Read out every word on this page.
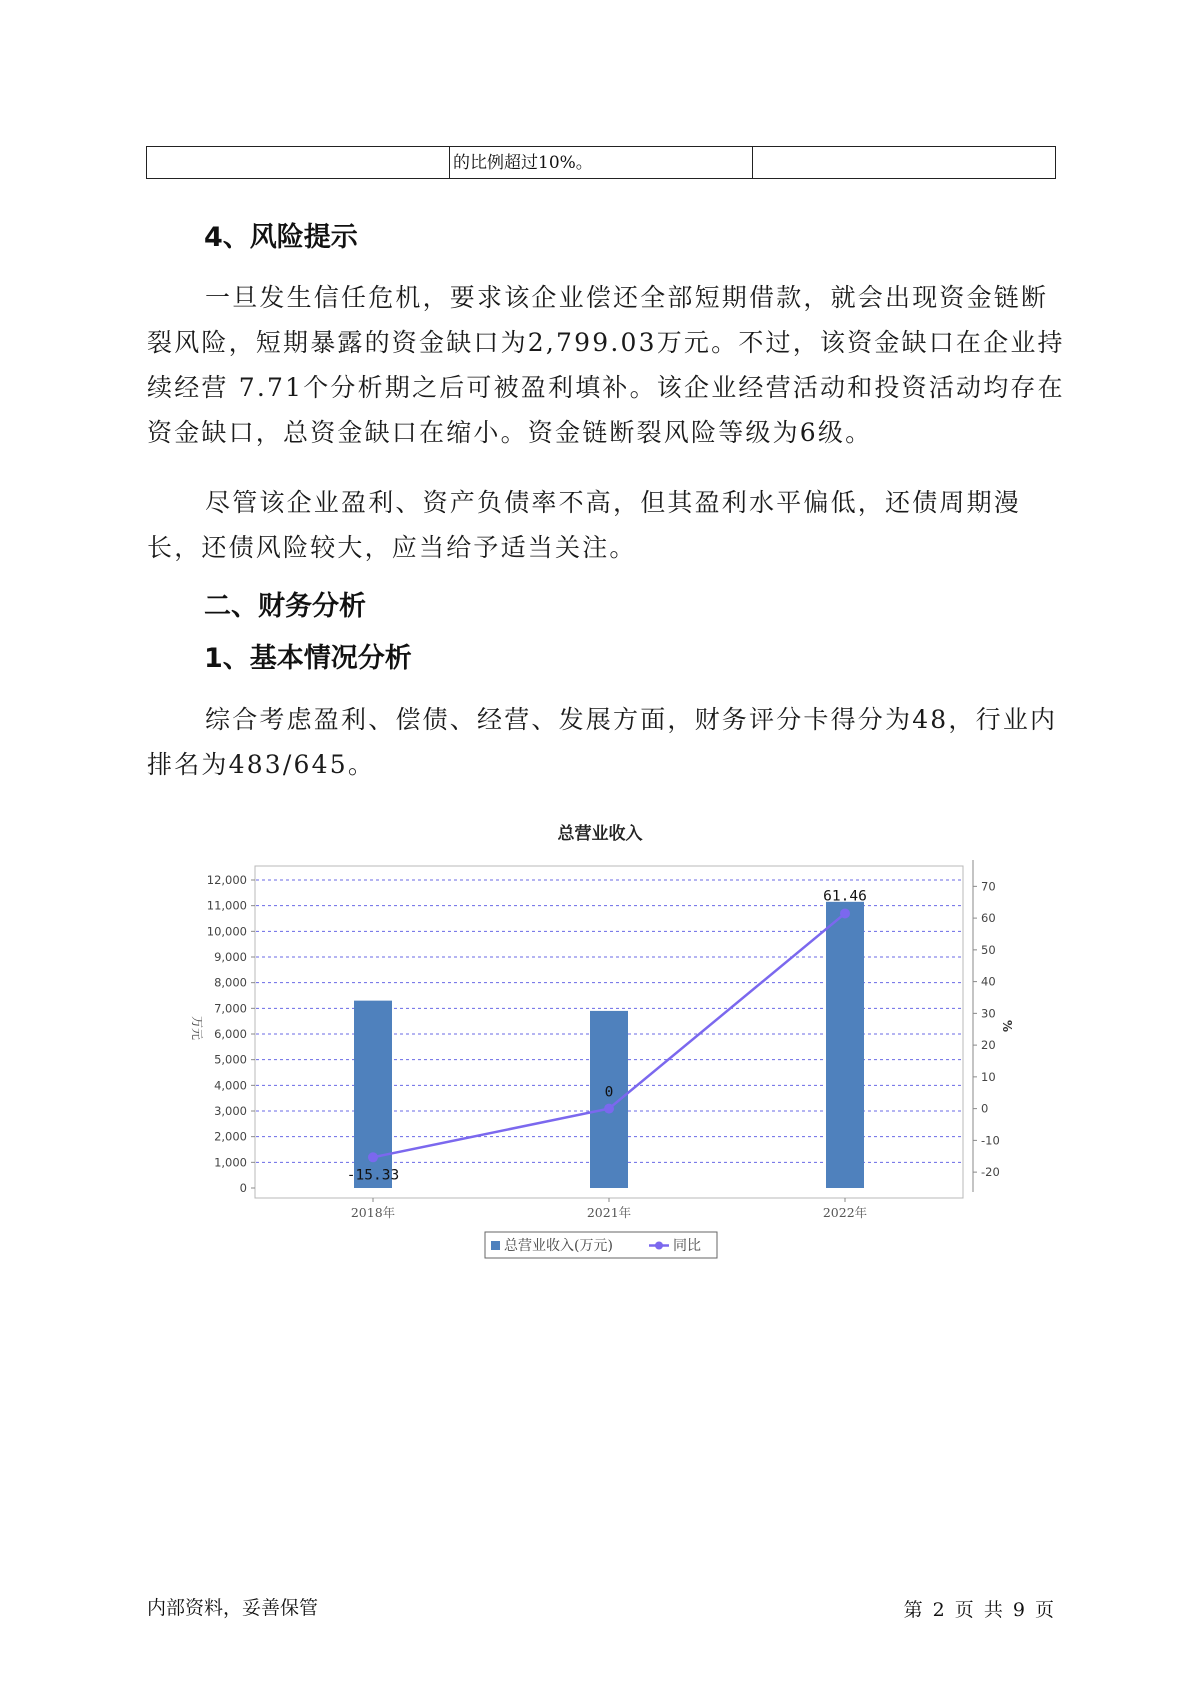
的比例超过10%。
4、风险提示

一旦发生信任危机，要求该企业偿还全部短期借款，就会出现资金链断裂风险，短期暴露的资金缺口为2,799.03万元。不过，该资金缺口在企业持续经营 7.71个分析期之后可被盈利填补。该企业经营活动和投资活动均存在资金缺口，总资金缺口在缩小。资金链断裂风险等级为6级。

尽管该企业盈利、资产负债率不高，但其盈利水平偏低，还债周期漫长，还债风险较大，应当给予适当关注。

二、财务分析
1、基本情况分析

综合考虑盈利、偿债、经营、发展方面，财务评分卡得分为48，行业内排名为483/645。

总营业收入
0
1,000
2,000
3,000
4,000
5,000
6,000
7,000
8,000
9,000
10,000
11,000
12,000
-20
-10
0
10
20
30
40
50
60
70
万元	%
2018年	2021年	2022年
-15.33
0
61.46
总营业收入(万元)	同比
内部资料，妥善保管	第 2 页 共 9 页
